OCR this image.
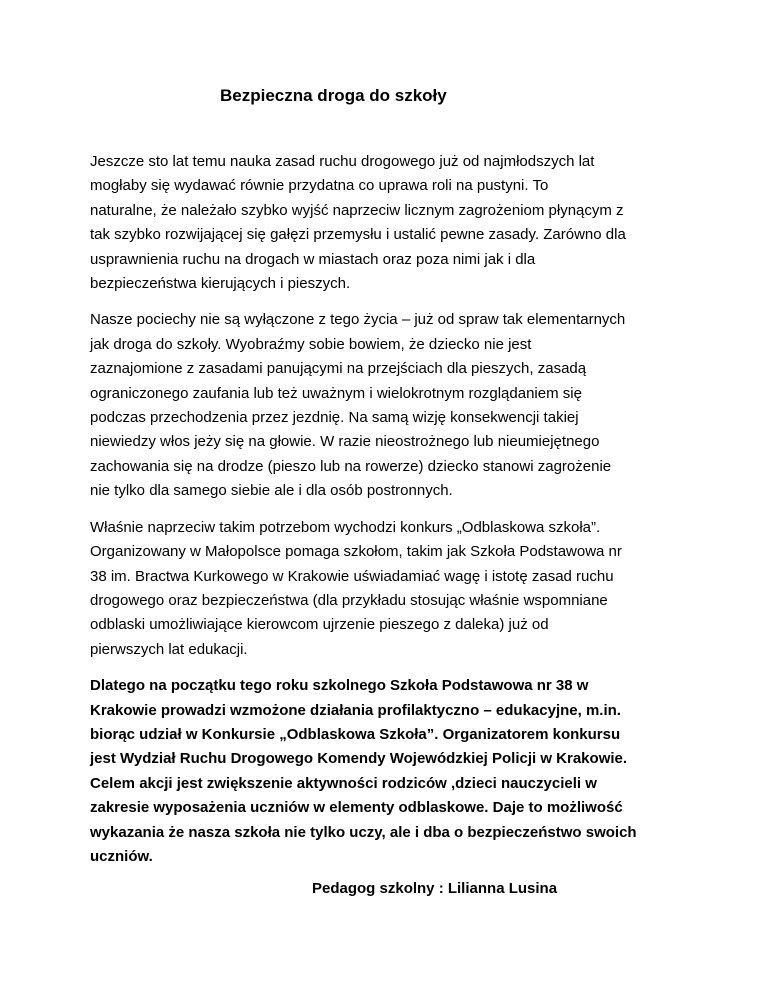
Bezpieczna droga do szkoły

Jeszcze sto lat temu nauka zasad ruchu drogowego już od najmłodszych lat
mogłaby się wydawać równie przydatna co uprawa roli na pustyni. To
naturalne, że należało szybko wyjść naprzeciw licznym zagrożeniom płynącym z
tak szybko rozwijającej się gałęzi przemysłu i ustalić pewne zasady. Zarówno dla
usprawnienia ruchu na drogach w miastach oraz poza nimi jak i dla
bezpieczeństwa kierujących i pieszych.

Nasze pociechy nie są wyłączone z tego życia – już od spraw tak elementarnych
jak droga do szkoły. Wyobraźmy sobie bowiem, że dziecko nie jest
zaznajomione z zasadami panującymi na przejściach dla pieszych, zasadą
ograniczonego zaufania lub też uważnym i wielokrotnym rozglądaniem się
podczas przechodzenia przez jezdnię. Na samą wizję konsekwencji takiej
niewiedzy włos jeży się na głowie. W razie nieostrożnego lub nieumiejętnego
zachowania się na drodze (pieszo lub na rowerze) dziecko stanowi zagrożenie
nie tylko dla samego siebie ale i dla osób postronnych.

Właśnie naprzeciw takim potrzebom wychodzi konkurs „Odblaskowa szkoła”.
Organizowany w Małopolsce pomaga szkołom, takim jak Szkoła Podstawowa nr
38 im. Bractwa Kurkowego w Krakowie uświadamiać wagę i istotę zasad ruchu
drogowego oraz bezpieczeństwa (dla przykładu stosując właśnie wspomniane
odblaski umożliwiające kierowcom ujrzenie pieszego z daleka) już od
pierwszych lat edukacji.

Dlatego na początku tego roku szkolnego Szkoła Podstawowa nr 38 w
Krakowie prowadzi wzmożone działania profilaktyczno – edukacyjne, m.in.
biorąc udział w Konkursie „Odblaskowa Szkoła”. Organizatorem konkursu
jest Wydział Ruchu Drogowego Komendy Wojewódzkiej Policji w Krakowie.
Celem akcji jest zwiększenie aktywności rodziców ,dzieci nauczycieli w
zakresie wyposażenia uczniów w elementy odblaskowe. Daje to możliwość
wykazania że nasza szkoła nie tylko uczy, ale i dba o bezpieczeństwo swoich
uczniów.

Pedagog szkolny : Lilianna Lusina
